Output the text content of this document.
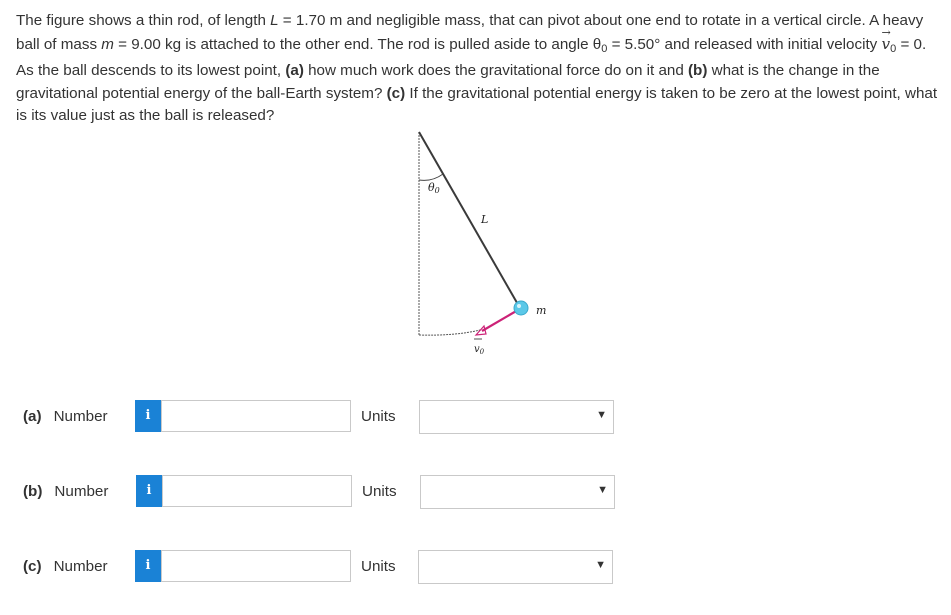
The figure shows a thin rod, of length L = 1.70 m and negligible mass, that can pivot about one end to rotate in a vertical circle. A heavy ball of mass m = 9.00 kg is attached to the other end. The rod is pulled aside to angle $\theta_0 = 5.50^\circ$ and released with initial velocity
→
$v_0 = 0$. As the ball descends to its lowest point, (a) how much work does the gravitational force do on it and (b) what is the change in the gravitational potential energy of the ball-Earth system? (c) If the gravitational potential energy is taken to be zero at the lowest point, what is its value just as the ball is released?
θ0
L
m
$v_0$
(a) Number	i	Units	▼
(b) Number	i	Units	▼
(c) Number	i	Units	▼
